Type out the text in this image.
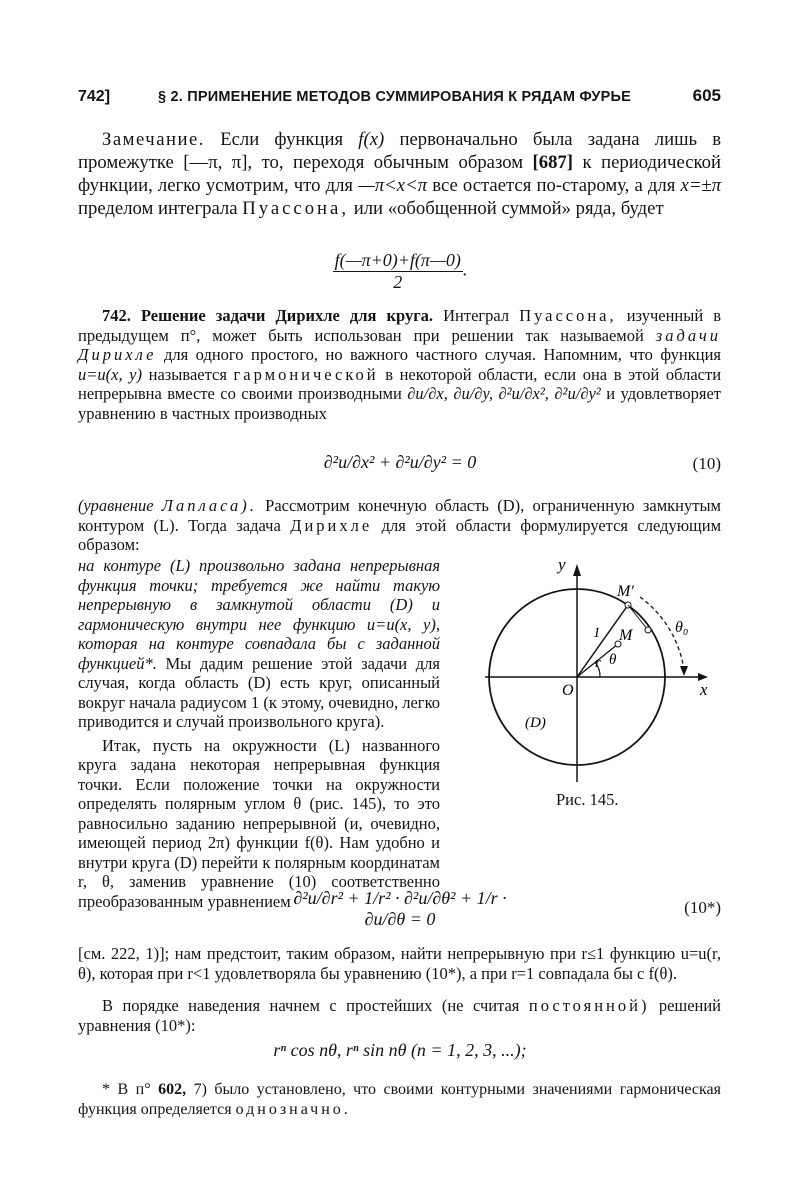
742]	§ 2. ПРИМЕНЕНИЕ МЕТОДОВ СУММИРОВАНИЯ К РЯДАМ ФУРЬЕ	605

Замечание. Если функция f(x) первоначально была задана лишь в промежутке [—π, π], то, переходя обычным образом [687] к периодической функции, легко усмотрим, что для —π<x<π все остается по-старому, а для x=±π пределом интеграла Пуассона, или «обобщенной суммой» ряда, будет

$\frac{f(—\pi+0)+f(\pi—0)}{2}$ .

742. Решение задачи Дирихле для круга. Интеграл Пуассона, изученный в предыдущем п°, может быть использован при решении так называемой задачи Дирихле для одного простого, но важного частного случая. Напомним, что функция u=u(x, y) называется гармонической в некоторой области, если она в этой области непрерывна вместе со своими производными ∂u/∂x, ∂u/∂y, ∂²u/∂x², ∂²u/∂y² и удовлетворяет уравнению в частных производных

∂²u/∂x² + ∂²u/∂y² = 0	(10)

(уравнение Лапласа). Рассмотрим конечную область (D), ограниченную замкнутым контуром (L). Тогда задача Дирихле для этой области формулируется следующим образом:

на контуре (L) произвольно задана непрерывная функция точки; требуется же найти такую непрерывную в замкнутой области (D) и гармоническую внутри нее функцию u=u(x, y), которая на контуре совпадала бы с заданной функцией*. Мы дадим решение этой задачи для случая, когда область (D) есть круг, описанный вокруг начала радиусом 1 (к этому, очевидно, легко приводится и случай произвольного круга).

Итак, пусть на окружности (L) названного круга задана некоторая непрерывная функция точки. Если положение точки на окружности определять полярным углом θ (рис. 145), то это равносильно заданию непрерывной (и, очевидно, имеющей период 2π) функции f(θ). Нам удобно и внутри круга (D) перейти к полярным координатам r, θ, заменив уравнение (10) соответственно преобразованным уравнением

y
x
O
M′
M
1
r θ
θ₀
(D)
Рис. 145.
∂²u/∂r² + 1/r² · ∂²u/∂θ² + 1/r · ∂u/∂θ = 0
(10*)

[см. 222, 1)]; нам предстоит, таким образом, найти непрерывную при r≤1 функцию u=u(r, θ), которая при r<1 удовлетворяла бы уравнению (10*), а при r=1 совпадала бы с f(θ).

В порядке наведения начнем с простейших (не считая постоянной) решений уравнения (10*):

rⁿ cos nθ, rⁿ sin nθ (n = 1, 2, 3, ...);

* В п° 602, 7) было установлено, что своими контурными значениями гармоническая функция определяется однозначно.
